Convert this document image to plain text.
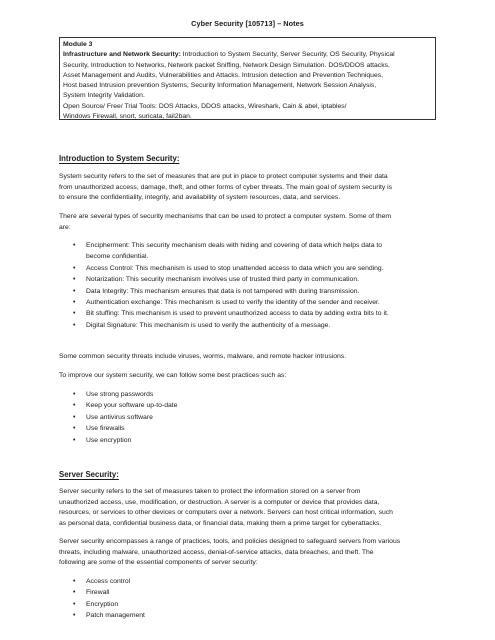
Cyber Security [105713] – Notes
Module 3
Infrastructure and Network Security: Introduction to System Security, Server Security, OS Security, Physical
Security, Introduction to Networks, Network packet Sniffing, Network Design Simulation. DOS/DDOS attacks.
Asset Management and Audits, Vulnerabilities and Attacks. Intrusion detection and Prevention Techniques,
Host based Intrusion prevention Systems, Security Information Management, Network Session Analysis,
System Integrity Validation.
Open Source/ Free/ Trial Tools: DOS Attacks, DDOS attacks, Wireshark, Cain & abel, iptables/
Windows Firewall, snort, suricata, fail2ban.
Introduction to System Security:
System security refers to the set of measures that are put in place to protect computer systems and their data
from unauthorized access, damage, theft, and other forms of cyber threats. The main goal of system security is
to ensure the confidentiality, integrity, and availability of system resources, data, and services.
There are several types of security mechanisms that can be used to protect a computer system. Some of them
are:
• Encipherment: This security mechanism deals with hiding and covering of data which helps data to
become confidential.
• Access Control: This mechanism is used to stop unattended access to data which you are sending.
• Notarization: This security mechanism involves use of trusted third party in communication.
• Data Integrity: This mechanism ensures that data is not tampered with during transmission.
• Authentication exchange: This mechanism is used to verify the identity of the sender and receiver.
• Bit stuffing: This mechanism is used to prevent unauthorized access to data by adding extra bits to it.
• Digital Signature: This mechanism is used to verify the authenticity of a message.
Some common security threats include viruses, worms, malware, and remote hacker intrusions.
To improve our system security, we can follow some best practices such as:
• Use strong passwords
• Keep your software up-to-date
• Use antivirus software
• Use firewalls
• Use encryption
Server Security:
Server security refers to the set of measures taken to protect the information stored on a server from
unauthorized access, use, modification, or destruction. A server is a computer or device that provides data,
resources, or services to other devices or computers over a network. Servers can host critical information, such
as personal data, confidential business data, or financial data, making them a prime target for cyberattacks.
Server security encompasses a range of practices, tools, and policies designed to safeguard servers from various
threats, including malware, unauthorized access, denial-of-service attacks, data breaches, and theft. The
following are some of the essential components of server security:
• Access control
• Firewall
• Encryption
• Patch management
